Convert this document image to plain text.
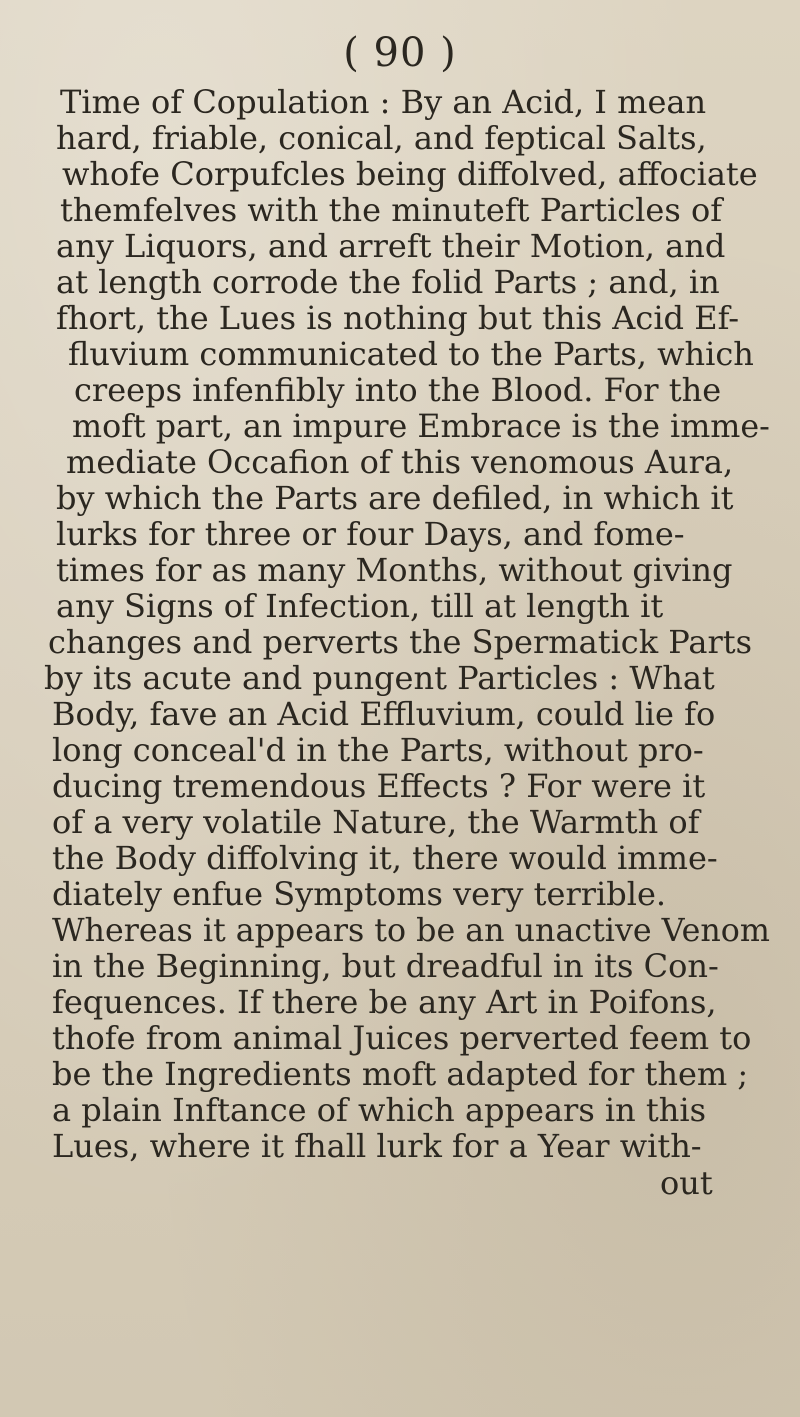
( 90 )
Time of Copulation : By an Acid, I mean
hard, friable, conical, and feptical Salts,
whofe Corpufcles being diffolved, affociate
themfelves with the minuteft Particles of
any Liquors, and arreft their Motion, and
at length corrode the folid Parts ; and, in
fhort, the Lues is nothing but this Acid Ef-
fluvium communicated to the Parts, which
creeps infenfibly into the Blood. For the
moft part, an impure Embrace is the imme-
mediate Occafion of this venomous Aura,
by which the Parts are defiled, in which it
lurks for three or four Days, and fome-
times for as many Months, without giving
any Signs of Infection, till at length it
changes and perverts the Spermatick Parts
by its acute and pungent Particles : What
Body, fave an Acid Effluvium, could lie fo
long conceal'd in the Parts, without pro-
ducing tremendous Effects ? For were it
of a very volatile Nature, the Warmth of
the Body diffolving it, there would imme-
diately enfue Symptoms very terrible.
Whereas it appears to be an unactive Venom
in the Beginning, but dreadful in its Con-
fequences. If there be any Art in Poifons,
thofe from animal Juices perverted feem to
be the Ingredients moft adapted for them ;
a plain Inftance of which appears in this
Lues, where it fhall lurk for a Year with-
out
